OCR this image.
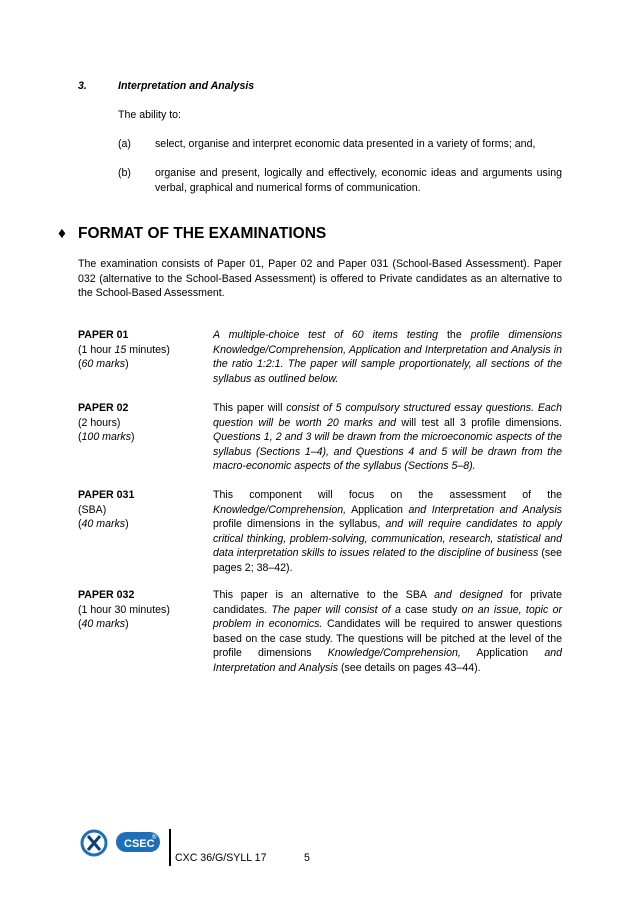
3.	Interpretation and Analysis
The ability to:
(a) select, organise and interpret economic data presented in a variety of forms; and,
(b) organise and present, logically and effectively, economic ideas and arguments using verbal, graphical and numerical forms of communication.
♦ FORMAT OF THE EXAMINATIONS
The examination consists of Paper 01, Paper 02 and Paper 031 (School-Based Assessment). Paper 032 (alternative to the School-Based Assessment) is offered to Private candidates as an alternative to the School-Based Assessment.
PAPER 01
(1 hour 15 minutes)
(60 marks)
A multiple-choice test of 60 items testing the profile dimensions Knowledge/Comprehension, Application and Interpretation and Analysis in the ratio 1:2:1. The paper will sample proportionately, all sections of the syllabus as outlined below.
PAPER 02
(2 hours)
(100 marks)
This paper will consist of 5 compulsory structured essay questions. Each question will be worth 20 marks and will test all 3 profile dimensions. Questions 1, 2 and 3 will be drawn from the microeconomic aspects of the syllabus (Sections 1–4), and Questions 4 and 5 will be drawn from the macro-economic aspects of the syllabus (Sections 5–8).
PAPER 031
(SBA)
(40 marks)
This component will focus on the assessment of the Knowledge/Comprehension, Application and Interpretation and Analysis profile dimensions in the syllabus, and will require candidates to apply critical thinking, problem-solving, communication, research, statistical and data interpretation skills to issues related to the discipline of business (see pages 2; 38–42).
PAPER 032
(1 hour 30 minutes)
(40 marks)
This paper is an alternative to the SBA and designed for private candidates. The paper will consist of a case study on an issue, topic or problem in economics. Candidates will be required to answer questions based on the case study. The questions will be pitched at the level of the profile dimensions Knowledge/Comprehension, Application and Interpretation and Analysis (see details on pages 43–44).
CSEC
®
CXC 36/G/SYLL 17	5
